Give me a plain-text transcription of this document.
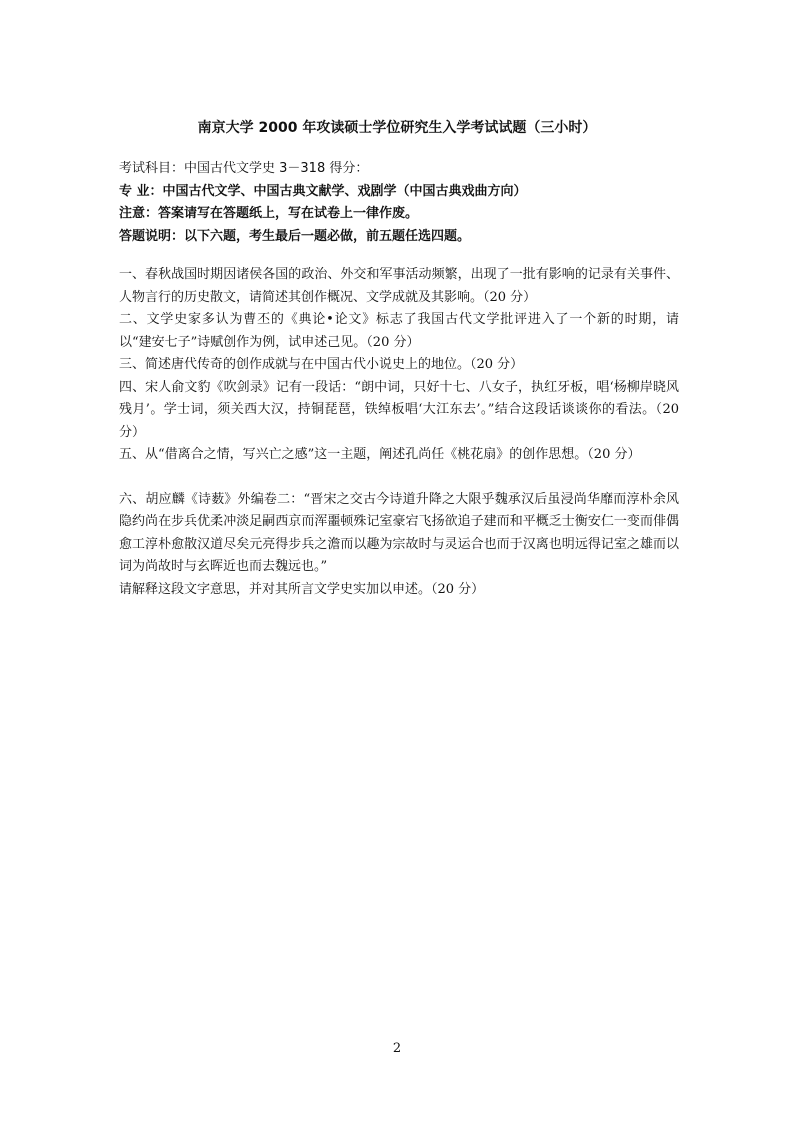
南京大学 2000 年攻读硕士学位研究生入学考试试题（三小时）
考试科目：中国古代文学史 3－318 得分：
专 业：中国古代文学、中国古典文献学、戏剧学（中国古典戏曲方向）
注意：答案请写在答题纸上，写在试卷上一律作废。
答题说明：以下六题，考生最后一题必做，前五题任选四题。

一、春秋战国时期因诸侯各国的政治、外交和军事活动频繁，出现了一批有影响的记录有关事件、人物言行的历史散文，请简述其创作概况、文学成就及其影响。（20 分）

二、文学史家多认为曹丕的《典论•论文》标志了我国古代文学批评进入了一个新的时期，请以“建安七子”诗赋创作为例，试申述己见。（20 分）

三、简述唐代传奇的创作成就与在中国古代小说史上的地位。（20 分）

四、宋人俞文豹《吹剑录》记有一段话：“朗中词，只好十七、八女子，执红牙板，唱‘杨柳岸晓风残月’。学士词，须关西大汉，持铜琵琶，铁绰板唱‘大江东去’。”结合这段话谈谈你的看法。（20 分）

五、从“借离合之情，写兴亡之感”这一主题，阐述孔尚任《桃花扇》的创作思想。（20 分）

六、胡应麟《诗薮》外编卷二：“晋宋之交古今诗道升降之大限乎魏承汉后虽浸尚华靡而淳朴余风隐约尚在步兵优柔冲淡足嗣西京而浑噩顿殊记室豪宕飞扬欲追子建而和平概乏士衡安仁一变而俳偶愈工淳朴愈散汉道尽矣元亮得步兵之澹而以趣为宗故时与灵运合也而于汉离也明远得记室之雄而以词为尚故时与玄晖近也而去魏远也。”

请解释这段文字意思，并对其所言文学史实加以申述。（20 分）

2
